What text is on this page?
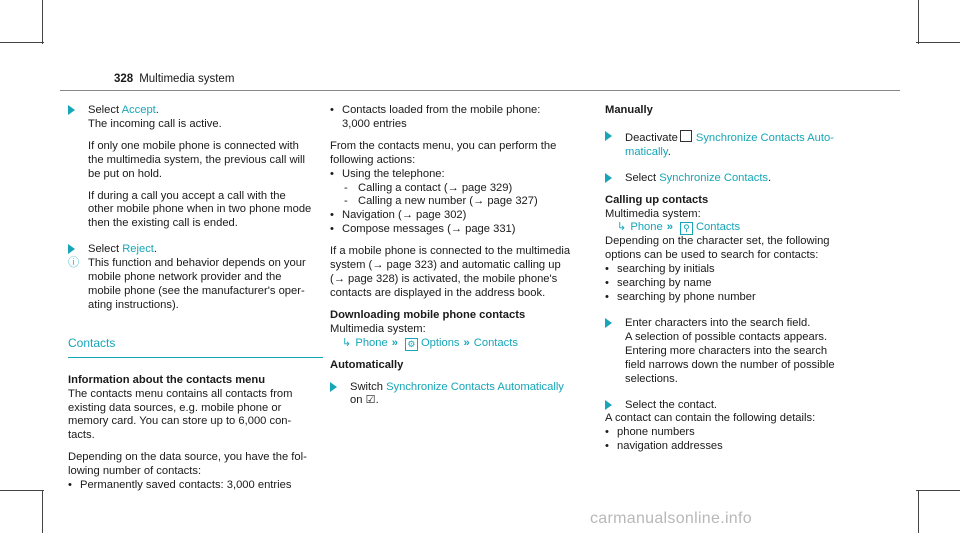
328 Multimedia system
Select Accept.
The incoming call is active.
If only one mobile phone is connected with
the multimedia system, the previous call will
be put on hold.
If during a call you accept a call with the
other mobile phone when in two phone mode
then the existing call is ended.
Select Reject.
ⓘ This function and behavior depends on your
mobile phone network provider and the
mobile phone (see the manufacturer's oper-
ating instructions).
Contacts
Information about the contacts menu
The contacts menu contains all contacts from
existing data sources, e.g. mobile phone or
memory card. You can store up to 6,000 con-
tacts.
Depending on the data source, you have the fol-
lowing number of contacts:
• Permanently saved contacts: 3,000 entries
• Contacts loaded from the mobile phone:
3,000 entries
From the contacts menu, you can perform the
following actions:
• Using the telephone:
- Calling a contact (→ page 329)
- Calling a new number (→ page 327)
• Navigation (→ page 302)
• Compose messages (→ page 331)
If a mobile phone is connected to the multimedia
system (→ page 323) and automatic calling up
(→ page 328) is activated, the mobile phone's
contacts are displayed in the address book.
Downloading mobile phone contacts
Multimedia system:
↳ Phone » ⚙ Options » Contacts
Automatically
Switch Synchronize Contacts Automatically
on ☑.
Manually
Deactivate Synchronize Contacts Auto-
matically.
Select Synchronize Contacts.
Calling up contacts
Multimedia system:
↳ Phone » ⚲ Contacts
Depending on the character set, the following
options can be used to search for contacts:
• searching by initials
• searching by name
• searching by phone number
Enter characters into the search field.
A selection of possible contacts appears.
Entering more characters into the search
field narrows down the number of possible
selections.
Select the contact.
A contact can contain the following details:
• phone numbers
• navigation addresses
carmanualsonline.info
